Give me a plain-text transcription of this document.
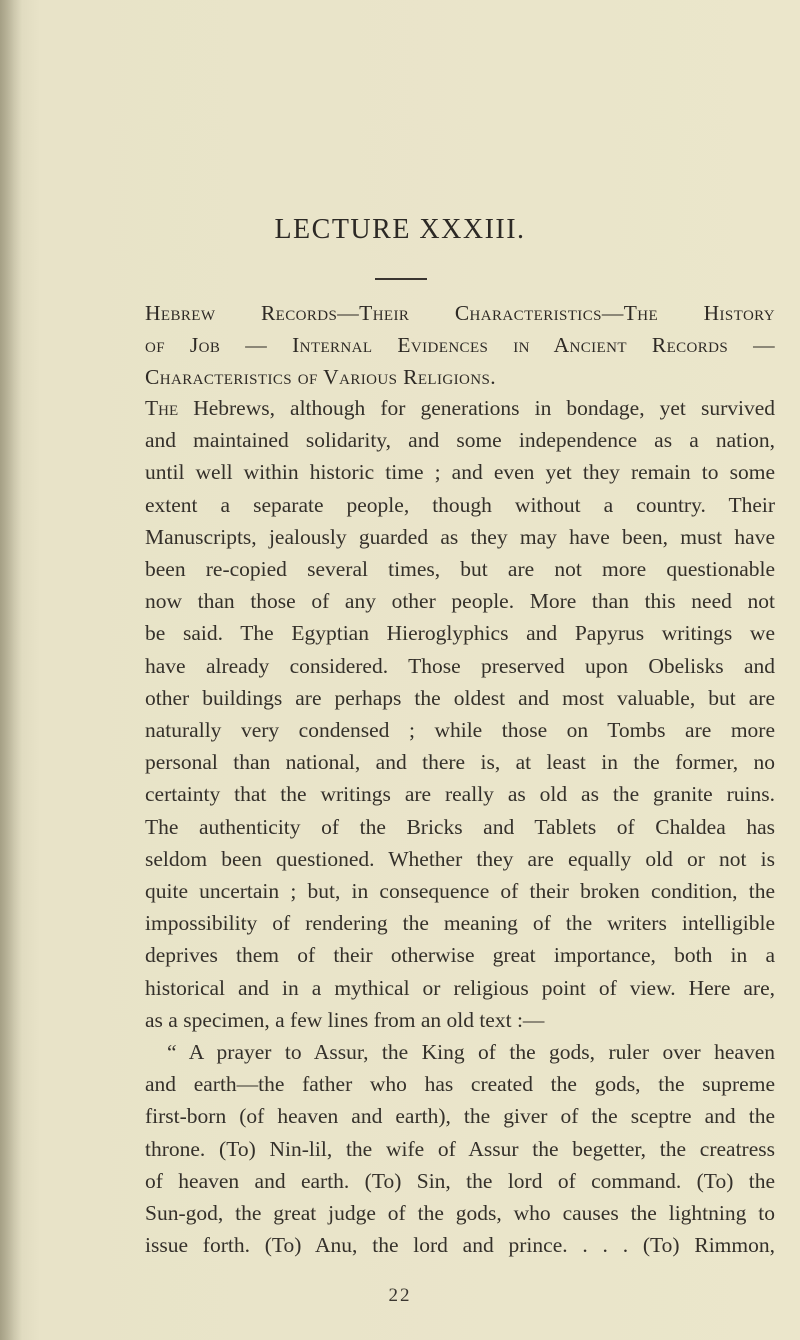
LECTURE XXXIII.
Hebrew Records—Their Characteristics—The History
of Job — Internal Evidences in Ancient Records —
Characteristics of Various Religions.
The Hebrews, although for generations in bondage, yet survived
and maintained solidarity, and some independence as a nation,
until well within historic time ; and even yet they remain to some
extent a separate people, though without a country. Their
Manuscripts, jealously guarded as they may have been, must have
been re-copied several times, but are not more questionable
now than those of any other people. More than this need not
be said. The Egyptian Hieroglyphics and Papyrus writings we
have already considered. Those preserved upon Obelisks and
other buildings are perhaps the oldest and most valuable, but are
naturally very condensed ; while those on Tombs are more
personal than national, and there is, at least in the former, no
certainty that the writings are really as old as the granite ruins.
The authenticity of the Bricks and Tablets of Chaldea has
seldom been questioned. Whether they are equally old or not is
quite uncertain ; but, in consequence of their broken condition, the
impossibility of rendering the meaning of the writers intelligible
deprives them of their otherwise great importance, both in a
historical and in a mythical or religious point of view. Here are,
as a specimen, a few lines from an old text :—
“ A prayer to Assur, the King of the gods, ruler over heaven
and earth—the father who has created the gods, the supreme
first-born (of heaven and earth), the giver of the sceptre and the
throne. (To) Nin-lil, the wife of Assur the begetter, the creatress
of heaven and earth. (To) Sin, the lord of command. (To) the
Sun-god, the great judge of the gods, who causes the lightning to
issue forth. (To) Anu, the lord and prince. . . . (To) Rimmon,
22
